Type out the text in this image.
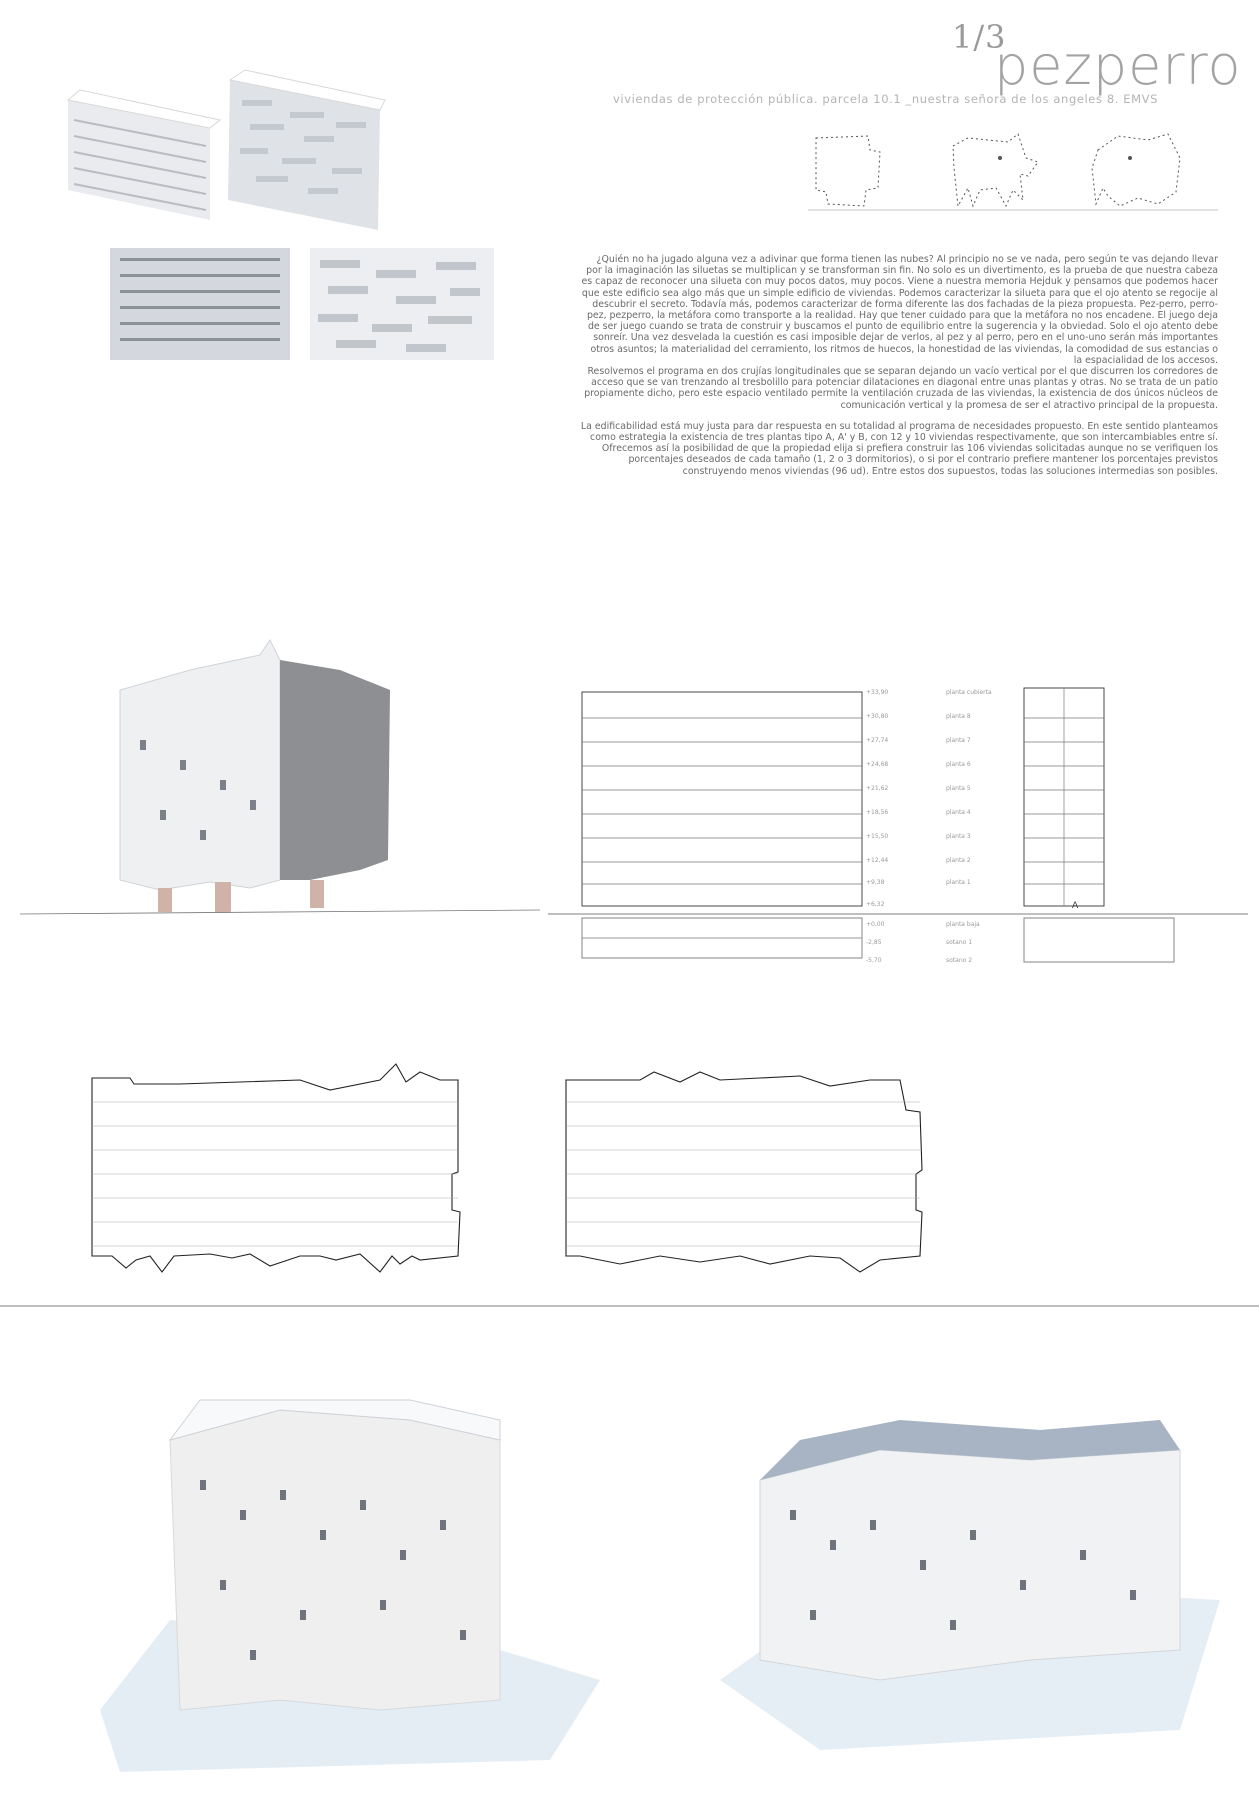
1/3
pezperro
viviendas de protección pública. parcela 10.1 _nuestra señora de los angeles 8. EMVS

¿Quién no ha jugado alguna vez a adivinar que forma tienen las nubes? Al principio no se ve nada, pero según te vas dejando llevar por la imaginación las siluetas se multiplican y se transforman sin fin. No solo es un divertimento, es la prueba de que nuestra cabeza es capaz de reconocer una silueta con muy pocos datos, muy pocos. Viene a nuestra memoria Hejduk y pensamos que podemos hacer que este edificio sea algo más que un simple edificio de viviendas. Podemos caracterizar la silueta para que el ojo atento se regocije al descubrir el secreto. Todavía más, podemos caracterizar de forma diferente las dos fachadas de la pieza propuesta. Pez-perro, perro-pez, pezperro, la metáfora como transporte a la realidad. Hay que tener cuidado para que la metáfora no nos encadene. El juego deja de ser juego cuando se trata de construir y buscamos el punto de equilibrio entre la sugerencia y la obviedad. Solo el ojo atento debe sonreír. Una vez desvelada la cuestión es casi imposible dejar de verlos, al pez y al perro, pero en el uno-uno serán más importantes otros asuntos; la materialidad del cerramiento, los ritmos de huecos, la honestidad de las viviendas, la comodidad de sus estancias o la espacialidad de los accesos.

Resolvemos el programa en dos crujías longitudinales que se separan dejando un vacío vertical por el que discurren los corredores de acceso que se van trenzando al tresbolillo para potenciar dilataciones en diagonal entre unas plantas y otras. No se trata de un patio propiamente dicho, pero este espacio ventilado permite la ventilación cruzada de las viviendas, la existencia de dos únicos núcleos de comunicación vertical y la promesa de ser el atractivo principal de la propuesta.

La edificabilidad está muy justa para dar respuesta en su totalidad al programa de necesidades propuesto. En este sentido planteamos como estrategia la existencia de tres plantas tipo A, A' y B, con 12 y 10 viviendas respectivamente, que son intercambiables entre sí.

Ofrecemos así la posibilidad de que la propiedad elija si prefiera construir las 106 viviendas solicitadas aunque no se verifiquen los porcentajes deseados de cada tamaño (1, 2 o 3 dormitorios), o si por el contrario prefiere mantener los porcentajes previstos construyendo menos viviendas (96 ud). Entre estos dos supuestos, todas las soluciones intermedias son posibles.

+33,90
+30,80
+27,74
+24,68
+21,62
+18,56
+15,50
+12,44
+9,38
+6,32
+0,00
-2,85
-5,70
planta cubierta
planta 8
planta 7
planta 6
planta 5
planta 4
planta 3
planta 2
planta 1
planta baja
sotano 1
sotano 2
A
